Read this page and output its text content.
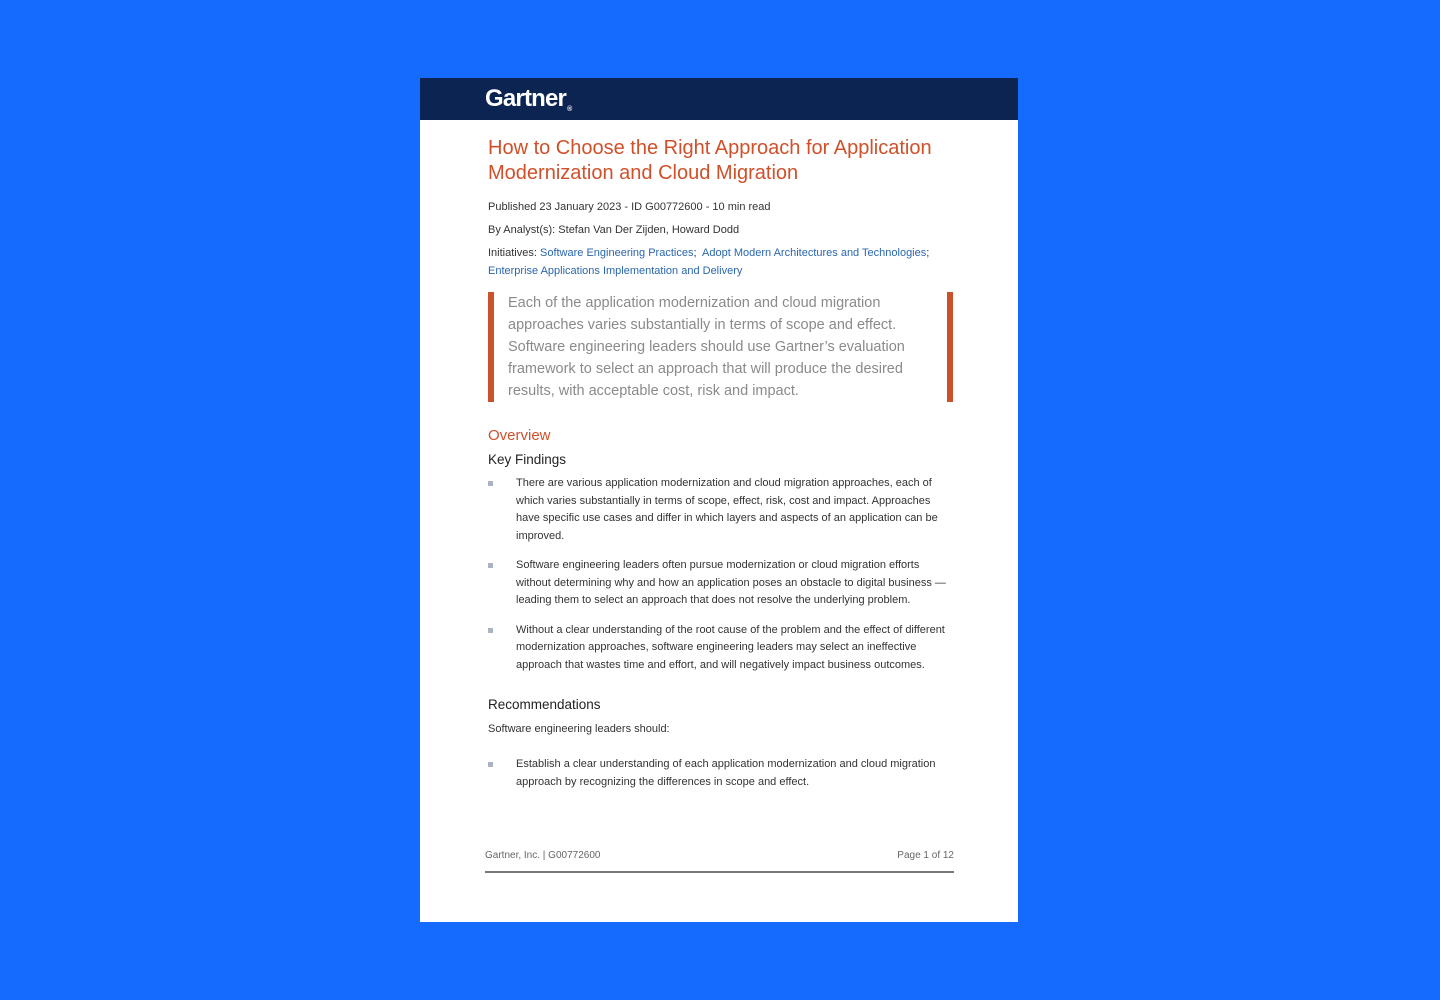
Gartner®
How to Choose the Right Approach for Application Modernization and Cloud Migration
Published 23 January 2023 - ID G00772600 - 10 min read
By Analyst(s): Stefan Van Der Zijden, Howard Dodd
Initiatives: Software Engineering Practices; Adopt Modern Architectures and Technologies;  Enterprise Applications Implementation and Delivery

Each of the application modernization and cloud migration approaches varies substantially in terms of scope and effect. Software engineering leaders should use Gartner’s evaluation framework to select an approach that will produce the desired results, with acceptable cost, risk and impact.

Overview
Key Findings
There are various application modernization and cloud migration approaches, each of which varies substantially in terms of scope, effect, risk, cost and impact. Approaches have specific use cases and differ in which layers and aspects of an application can be improved.
Software engineering leaders often pursue modernization or cloud migration efforts without determining why and how an application poses an obstacle to digital business — leading them to select an approach that does not resolve the underlying problem.
Without a clear understanding of the root cause of the problem and the effect of different modernization approaches, software engineering leaders may select an ineffective approach that wastes time and effort, and will negatively impact business outcomes.
Recommendations
Software engineering leaders should:
Establish a clear understanding of each application modernization and cloud migration approach by recognizing the differences in scope and effect.
Gartner, Inc. | G00772600	Page 1 of 12
